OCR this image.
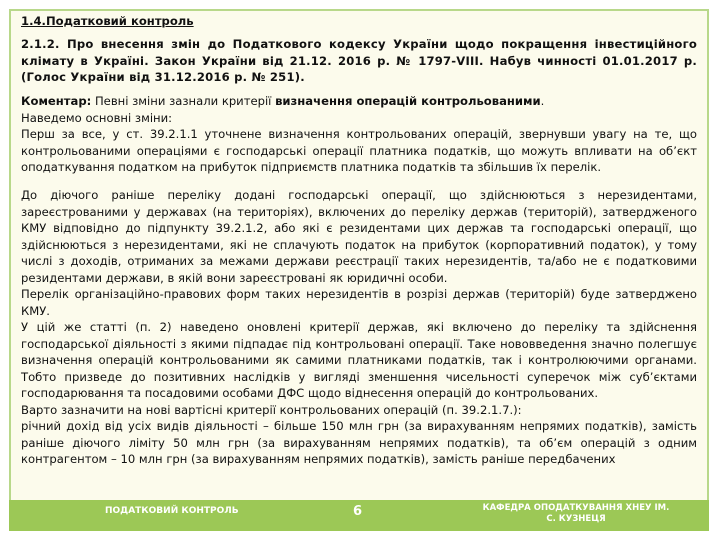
1.4.Податковий контроль
2.1.2. Про внесення змін до Податкового кодексу України щодо покращення інвестиційного клімату в Україні. Закон України від 21.12. 2016 р. № 1797-VIII. Набув чинності 01.01.2017 р. (Голос України від 31.12.2016 р. № 251).

Коментар: Певні зміни зазнали критерії визначення операцій контрольованими.

Наведемо основні зміни:

Перш за все, у ст. 39.2.1.1 уточнене визначення контрольованих операцій, звернувши увагу на те, що контрольованими операціями є господарські операції платника податків, що можуть впливати на об’єкт оподаткування податком на прибуток підприємств платника податків та збільшив їх перелік.

До діючого раніше переліку додані господарські операції, що здійснюються з нерезидентами, зареєстрованими у державах (на територіях), включених до переліку держав (територій), затвердженого КМУ відповідно до підпункту 39.2.1.2, або які є резидентами цих держав та господарські операції, що здійснюються з нерезидентами, які не сплачують податок на прибуток (корпоративний податок), у тому числі з доходів, отриманих за межами держави реєстрації таких нерезидентів, та/або не є податковими резидентами держави, в якій вони зареєстровані як юридичні особи.

Перелік організаційно-правових форм таких нерезидентів в розрізі держав (територій) буде затверджено КМУ.

У цій же статті (п. 2) наведено оновлені критерії держав, які включено до переліку та здійснення господарської діяльності з якими підпадає під контрольовані операції. Таке нововведення значно полегшує визначення операцій контрольованими як самими платниками податків, так і контролюючими органами. Тобто призведе до позитивних наслідків у вигляді зменшення чисельності суперечок між суб’єктами господарювання та посадовими особами ДФС щодо віднесення операцій до контрольованих.

Варто зазначити на нові вартісні критерії контрольованих операцій (п. 39.2.1.7.):

річний дохід від усіх видів діяльності – більше 150 млн грн (за вирахуванням непрямих податків), замість раніше діючого ліміту 50 млн грн (за вирахуванням непрямих податків), та об’єм операцій з одним контрагентом – 10 млн грн (за вирахуванням непрямих податків), замість раніше передбачених

ПОДАТКОВИЙ КОНТРОЛЬ	6	КАФЕДРА ОПОДАТКУВАННЯ ХНЕУ ІМ. С. КУЗНЕЦЯ
